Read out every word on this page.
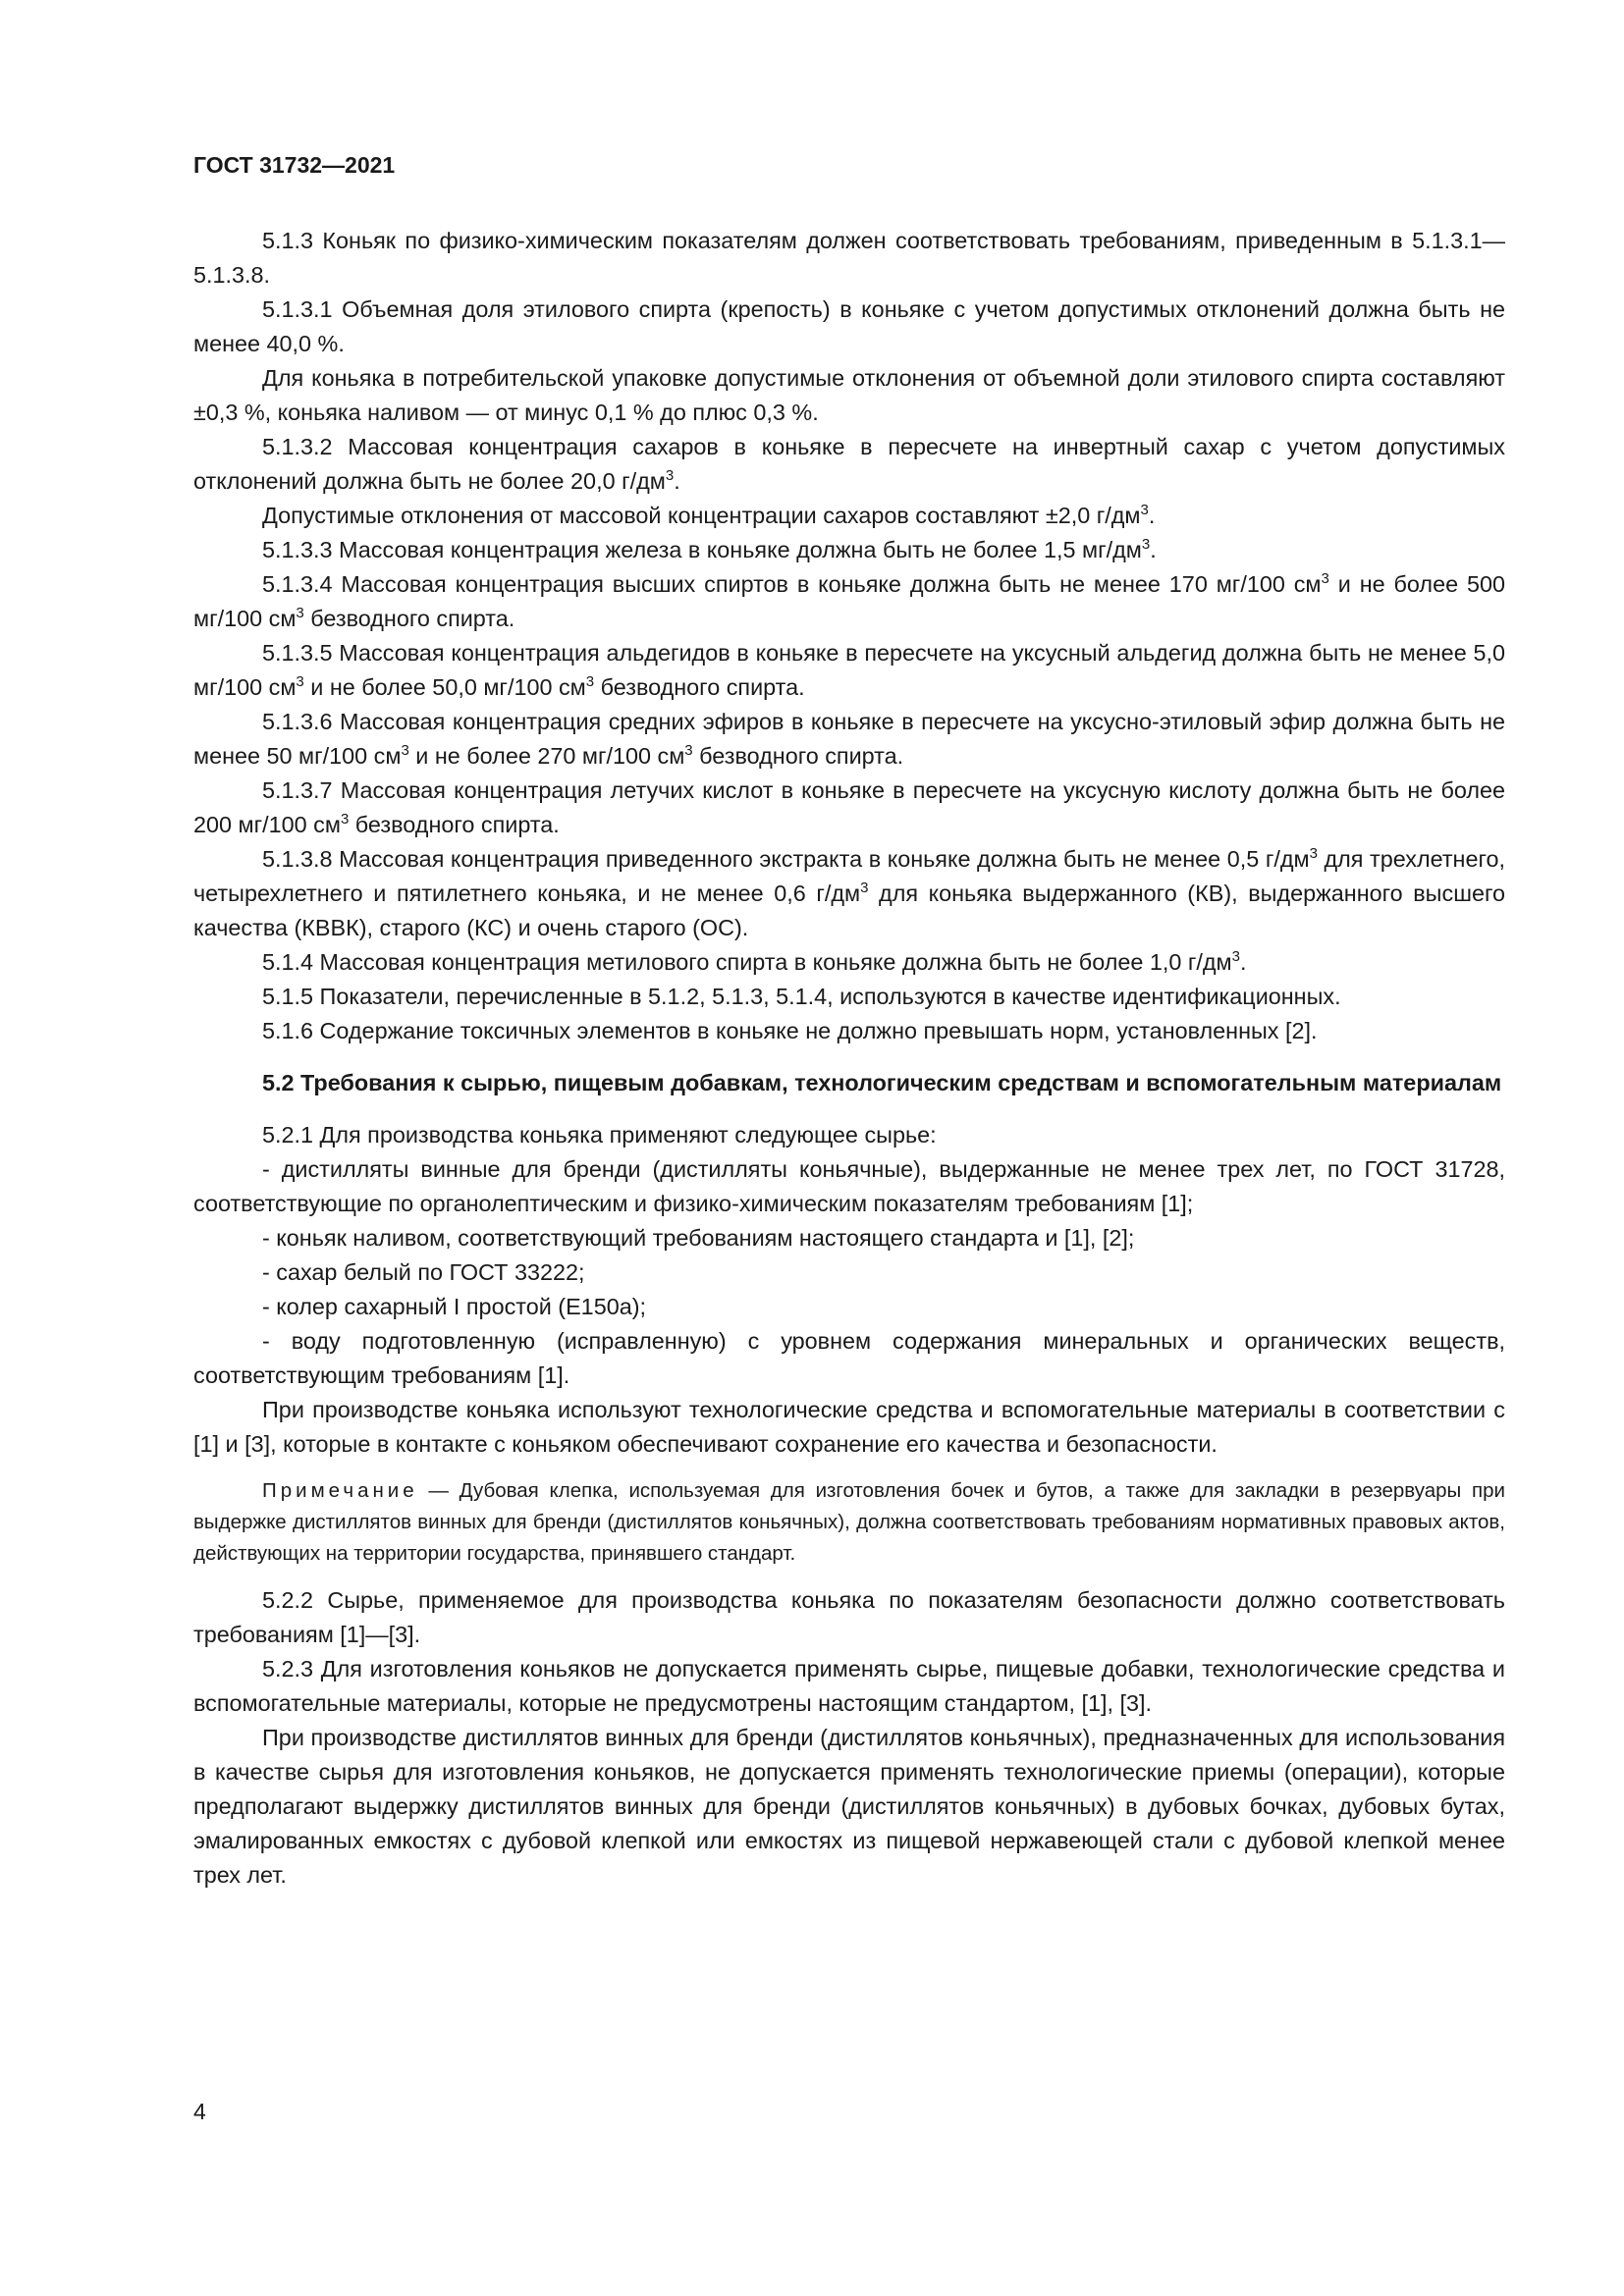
ГОСТ 31732—2021

5.1.3 Коньяк по физико-химическим показателям должен соответствовать требованиям, приведенным в 5.1.3.1—5.1.3.8.

5.1.3.1 Объемная доля этилового спирта (крепость) в коньяке с учетом допустимых отклонений должна быть не менее 40,0 %.

Для коньяка в потребительской упаковке допустимые отклонения от объемной доли этилового спирта составляют ±0,3 %, коньяка наливом — от минус 0,1 % до плюс 0,3 %.

5.1.3.2 Массовая концентрация сахаров в коньяке в пересчете на инвертный сахар с учетом допустимых отклонений должна быть не более 20,0 $г/дм^3$.

Допустимые отклонения от массовой концентрации сахаров составляют ±2,0 $г/дм^3$.

5.1.3.3 Массовая концентрация железа в коньяке должна быть не более 1,5 $мг/дм^3$.

5.1.3.4 Массовая концентрация высших спиртов в коньяке должна быть не менее 170 мг/100 $см^3$ и не более 500 мг/100 $см^3$ безводного спирта.

5.1.3.5 Массовая концентрация альдегидов в коньяке в пересчете на уксусный альдегид должна быть не менее 5,0 мг/100 $см^3$ и не более 50,0 мг/100 $см^3$ безводного спирта.

5.1.3.6 Массовая концентрация средних эфиров в коньяке в пересчете на уксусно-этиловый эфир должна быть не менее 50 мг/100 $см^3$ и не более 270 мг/100 $см^3$ безводного спирта.

5.1.3.7 Массовая концентрация летучих кислот в коньяке в пересчете на уксусную кислоту должна быть не более 200 мг/100 $см^3$ безводного спирта.

5.1.3.8 Массовая концентрация приведенного экстракта в коньяке должна быть не менее 0,5 $г/дм^3$ для трехлетнего, четырехлетнего и пятилетнего коньяка, и не менее 0,6 $г/дм^3$ для коньяка выдержанного (КВ), выдержанного высшего качества (КВВК), старого (КС) и очень старого (ОС).

5.1.4 Массовая концентрация метилового спирта в коньяке должна быть не более 1,0 $г/дм^3$.

5.1.5 Показатели, перечисленные в 5.1.2, 5.1.3, 5.1.4, используются в качестве идентификационных.

5.1.6 Содержание токсичных элементов в коньяке не должно превышать норм, установленных [2].

5.2 Требования к сырью, пищевым добавкам, технологическим средствам и вспомогательным материалам

5.2.1 Для производства коньяка применяют следующее сырье:

- дистилляты винные для бренди (дистилляты коньячные), выдержанные не менее трех лет, по ГОСТ 31728, соответствующие по органолептическим и физико-химическим показателям требованиям [1];

- коньяк наливом, соответствующий требованиям настоящего стандарта и [1], [2];

- сахар белый по ГОСТ 33222;

- колер сахарный I простой (Е150а);

- воду подготовленную (исправленную) с уровнем содержания минеральных и органических веществ, соответствующим требованиям [1].

При производстве коньяка используют технологические средства и вспомогательные материалы в соответствии с [1] и [3], которые в контакте с коньяком обеспечивают сохранение его качества и безопасности.

Примечание — Дубовая клепка, используемая для изготовления бочек и бутов, а также для закладки в резервуары при выдержке дистиллятов винных для бренди (дистиллятов коньячных), должна соответствовать требованиям нормативных правовых актов, действующих на территории государства, принявшего стандарт.

5.2.2 Сырье, применяемое для производства коньяка по показателям безопасности должно соответствовать требованиям [1]—[3].

5.2.3 Для изготовления коньяков не допускается применять сырье, пищевые добавки, технологические средства и вспомогательные материалы, которые не предусмотрены настоящим стандартом, [1], [3].

При производстве дистиллятов винных для бренди (дистиллятов коньячных), предназначенных для использования в качестве сырья для изготовления коньяков, не допускается применять технологические приемы (операции), которые предполагают выдержку дистиллятов винных для бренди (дистиллятов коньячных) в дубовых бочках, дубовых бутах, эмалированных емкостях с дубовой клепкой или емкостях из пищевой нержавеющей стали с дубовой клепкой менее трех лет.

4
